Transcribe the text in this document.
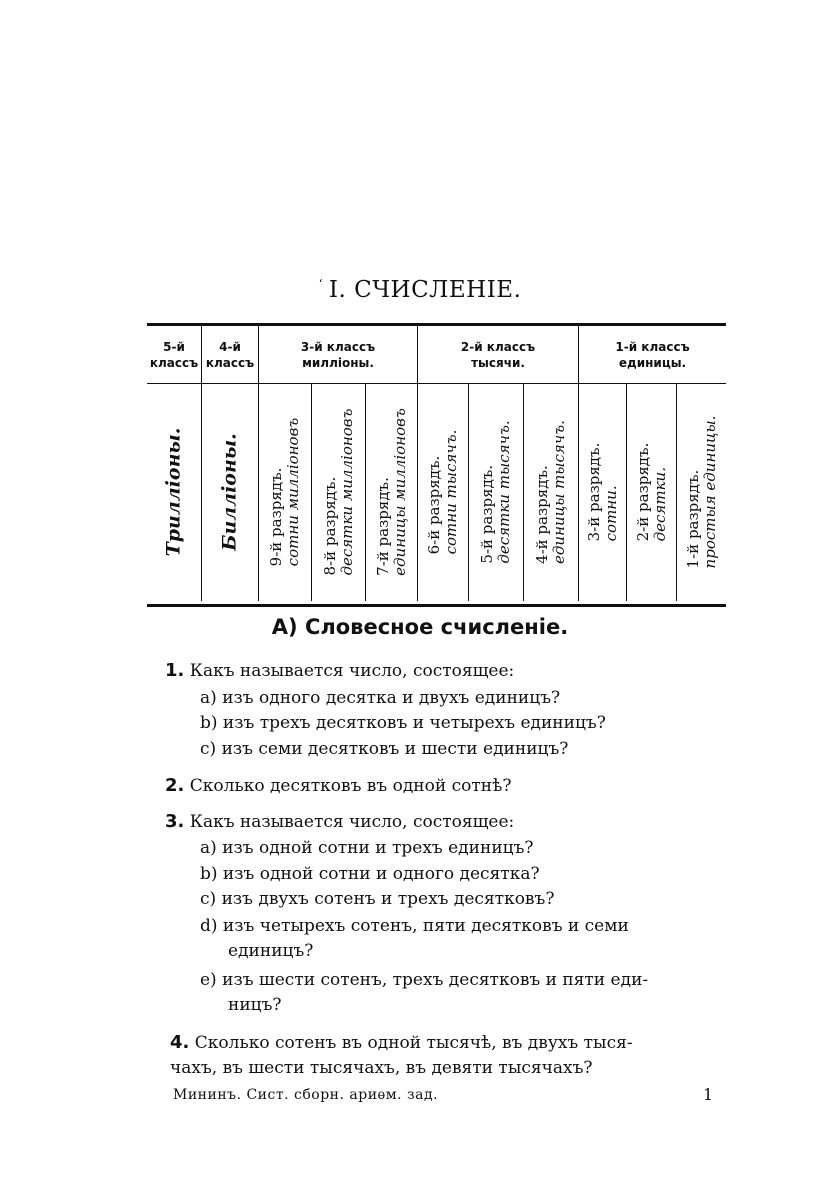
$^ʻ$ I. СЧИСЛЕНІЕ.
5-й
классъ
4-й
классъ
3-й классъ
милліоны.
2-й классъ
тысячи.
1-й классъ
единицы.
Трилліоны. Билліоны. 9-й разрядъ. сотни милліоновъ 8-й разрядъ. десятки милліоновъ 7-й разрядъ. единицы милліоновъ 6-й разрядъ. сотни тысячъ. 5-й разрядъ. десятки тысячъ. 4-й разрядъ. единицы тысячъ. 3-й разрядъ. сотни. 2-й разрядъ. десятки. 1-й разрядъ. простыя единицы.
А) Словесное счисленіе.
1. Какъ называется число, состоящее:
a) изъ одного десятка и двухъ единицъ?
b) изъ трехъ десятковъ и четырехъ единицъ?
c) изъ семи десятковъ и шести единицъ?
2. Сколько десятковъ въ одной сотнѣ?
3. Какъ называется число, состоящее:
a) изъ одной сотни и трехъ единицъ?
b) изъ одной сотни и одного десятка?
c) изъ двухъ сотенъ и трехъ десятковъ?
d) изъ четырехъ сотенъ, пяти десятковъ и семи
единицъ?
e) изъ шести сотенъ, трехъ десятковъ и пяти еди-
ницъ?
4. Сколько сотенъ въ одной тысячѣ, въ двухъ тыся-
чахъ, въ шести тысячахъ, въ девяти тысячахъ?
Мининъ. Сист. сборн. ариѳм. зад.	1
